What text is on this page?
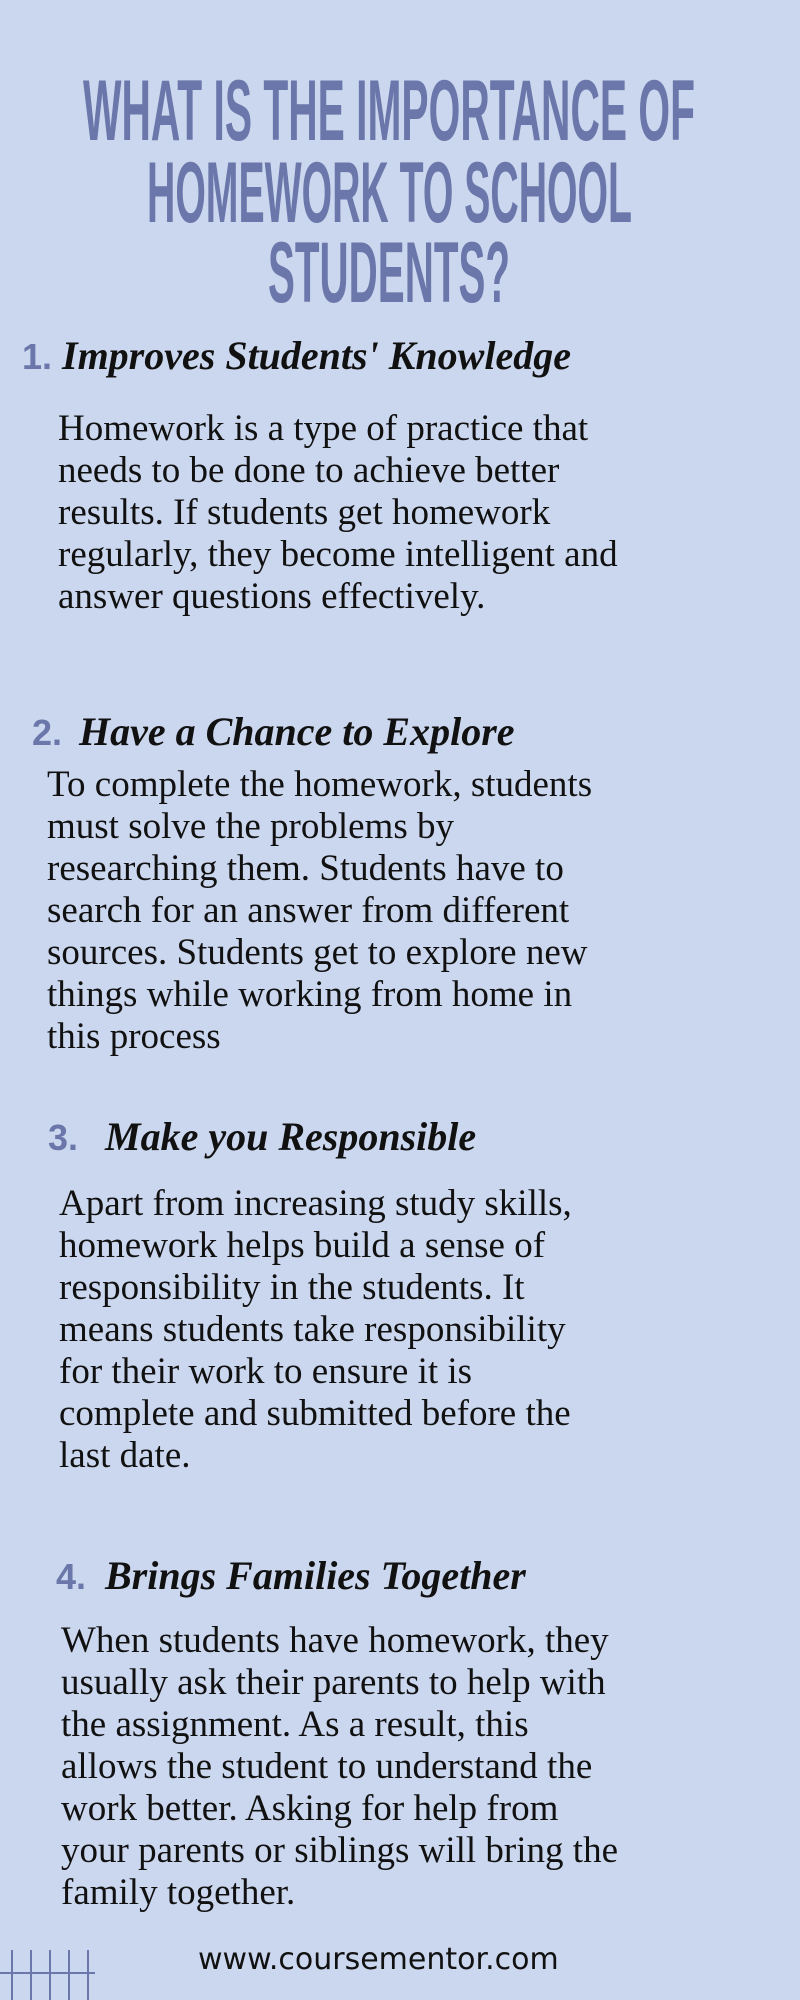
WHAT IS THE IMPORTANCE OF
HOMEWORK TO SCHOOL
STUDENTS?
1. Improves Students' Knowledge
Homework is a type of practice that
needs to be done to achieve better
results. If students get homework
regularly, they become intelligent and
answer questions effectively.
2. Have a Chance to Explore
To complete the homework, students
must solve the problems by
researching them. Students have to
search for an answer from different
sources. Students get to explore new
things while working from home in
this process
3. Make you Responsible
Apart from increasing study skills,
homework helps build a sense of
responsibility in the students. It
means students take responsibility
for their work to ensure it is
complete and submitted before the
last date.
4. Brings Families Together
When students have homework, they
usually ask their parents to help with
the assignment. As a result, this
allows the student to understand the
work better. Asking for help from
your parents or siblings will bring the
family together.
www.coursementor.com
